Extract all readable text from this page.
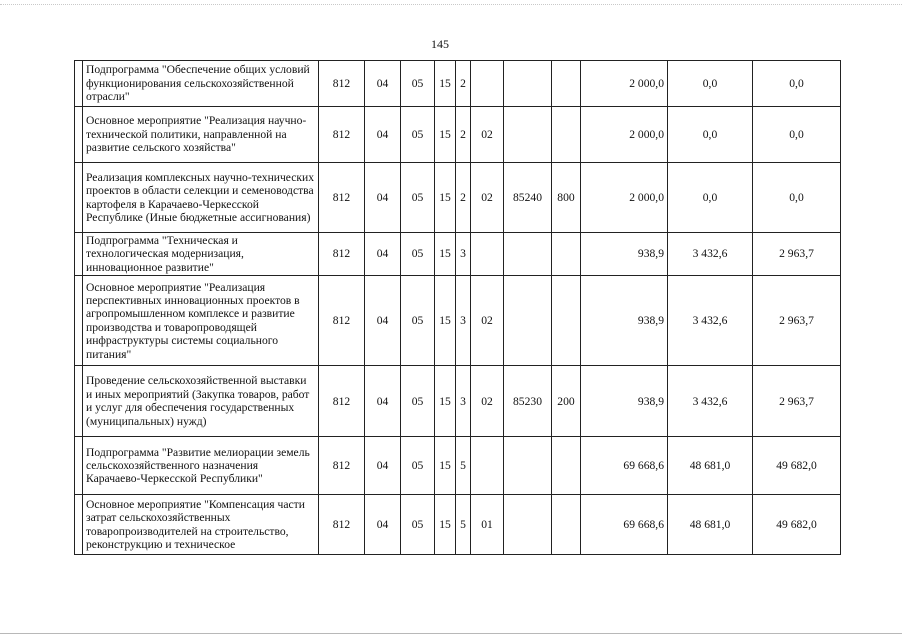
145
	Подпрограмма "Обеспечение общих условий функционирования сельскохозяйственной отрасли"	812	04	05	15	2				2 000,0	0,0	0,0
	Основное мероприятие "Реализация научно-технической политики, направленной на развитие сельского хозяйства"	812	04	05	15	2	02			2 000,0	0,0	0,0
	Реализация комплексных научно-технических проектов в области селекции и семеноводства картофеля в Карачаево-Черкесской Республике (Иные бюджетные ассигнования)	812	04	05	15	2	02	85240	800	2 000,0	0,0	0,0
	Подпрограмма "Техническая и технологическая модернизация, инновационное развитие"	812	04	05	15	3				938,9	3 432,6	2 963,7
	Основное мероприятие "Реализация перспективных инновационных проектов в агропромышленном комплексе и развитие производства и товаропроводящей инфраструктуры системы социального питания"	812	04	05	15	3	02			938,9	3 432,6	2 963,7
	Проведение сельскохозяйственной выставки и иных мероприятий (Закупка товаров, работ и услуг для обеспечения государственных (муниципальных) нужд)	812	04	05	15	3	02	85230	200	938,9	3 432,6	2 963,7
	Подпрограмма "Развитие мелиорации земель сельскохозяйственного назначения Карачаево-Черкесской Республики"	812	04	05	15	5				69 668,6	48 681,0	49 682,0
	Основное мероприятие "Компенсация части затрат сельскохозяйственных товаропроизводителей на строительство, реконструкцию и техническое	812	04	05	15	5	01			69 668,6	48 681,0	49 682,0
